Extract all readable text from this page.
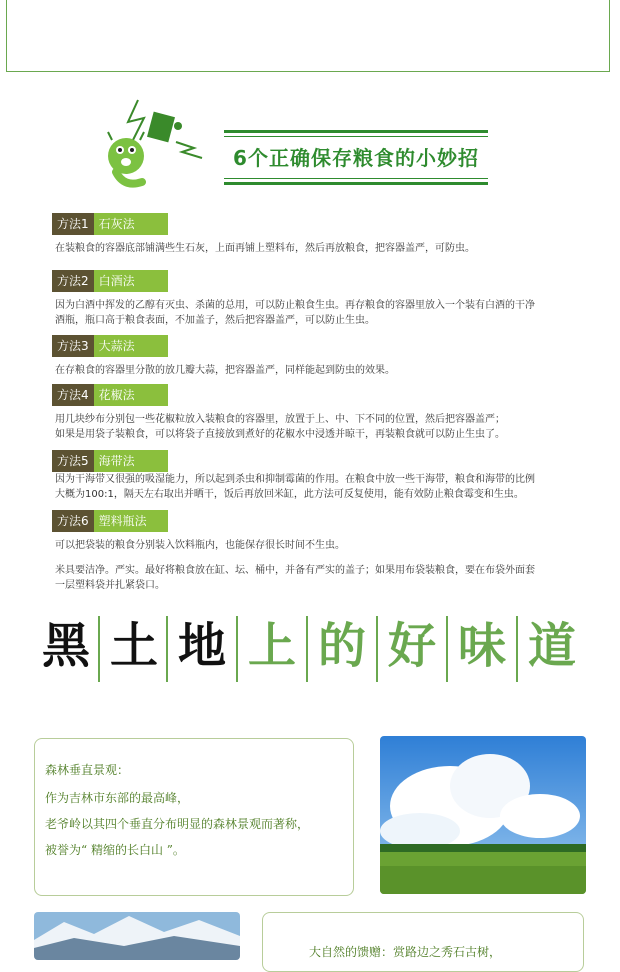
6个正确保存粮食的小妙招
方法1 石灰法
在装粮食的容器底部铺满些生石灰，上面再铺上塑料布，然后再放粮食，把容器盖严，可防虫。
方法2 白酒法
因为白酒中挥发的乙醇有灭虫、杀菌的总用，可以防止粮食生虫。再存粮食的容器里放入一个装有白酒的干净
酒瓶，瓶口高于粮食表面，不加盖子，然后把容器盖严，可以防止生虫。
方法3 大蒜法
在存粮食的容器里分散的放几瓣大蒜，把容器盖严，同样能起到防虫的效果。
方法4 花椒法
用几块纱布分别包一些花椒粒放入装粮食的容器里，放置于上、中、下不同的位置，然后把容器盖严；
如果是用袋子装粮食，可以将袋子直接放到煮好的花椒水中浸透并晾干，再装粮食就可以防止生虫了。
方法5 海带法
因为干海带又很强的吸湿能力，所以起到杀虫和抑制霉菌的作用。在粮食中放一些干海带，粮食和海带的比例
大概为100:1，隔天左右取出并晒干，饭后再放回米缸，此方法可反复使用，能有效防止粮食霉变和生虫。
方法6 塑料瓶法
可以把袋装的粮食分别装入饮料瓶内，也能保存很长时间不生虫。
米具要洁净。严实。最好将粮食放在缸、坛、桶中，并备有严实的盖子；如果用布袋装粮食，要在布袋外面套
一层塑料袋并扎紧袋口。
黑 土 地 上 的 好 味 道
森林垂直景观：
作为吉林市东部的最高峰，
老爷岭以其四个垂直分布明显的森林景观而著称，
被誉为“ 精缩的长白山 ”。
大自然的馈赠：赏路边之秀石古树，
